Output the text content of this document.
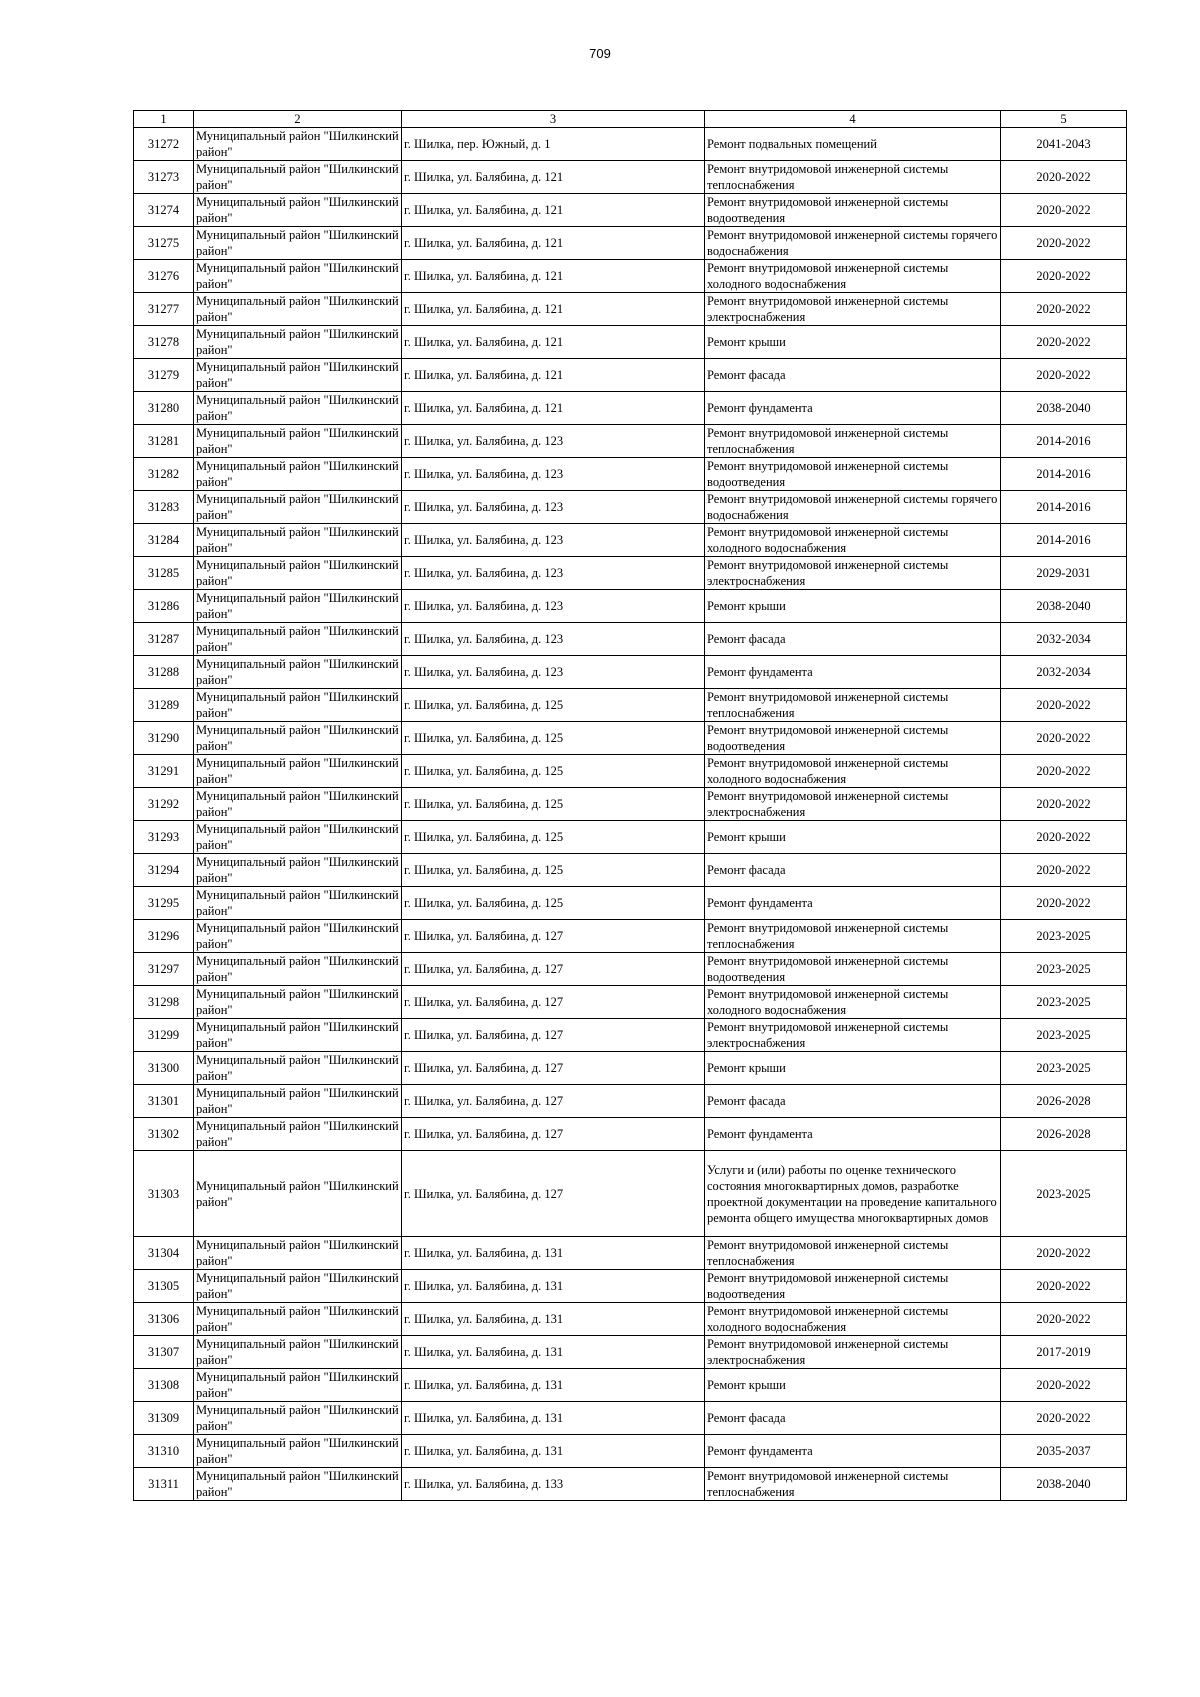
709
1	2	3	4	5
31272	Муниципальный район "Шилкинский район"	г. Шилка, пер. Южный, д. 1	Ремонт подвальных помещений	2041-2043
31273	Муниципальный район "Шилкинский район"	г. Шилка, ул. Балябина, д. 121	Ремонт внутридомовой инженерной системы теплоснабжения	2020-2022
31274	Муниципальный район "Шилкинский район"	г. Шилка, ул. Балябина, д. 121	Ремонт внутридомовой инженерной системы водоотведения	2020-2022
31275	Муниципальный район "Шилкинский район"	г. Шилка, ул. Балябина, д. 121	Ремонт внутридомовой инженерной системы горячего водоснабжения	2020-2022
31276	Муниципальный район "Шилкинский район"	г. Шилка, ул. Балябина, д. 121	Ремонт внутридомовой инженерной системы холодного водоснабжения	2020-2022
31277	Муниципальный район "Шилкинский район"	г. Шилка, ул. Балябина, д. 121	Ремонт внутридомовой инженерной системы электроснабжения	2020-2022
31278	Муниципальный район "Шилкинский район"	г. Шилка, ул. Балябина, д. 121	Ремонт крыши	2020-2022
31279	Муниципальный район "Шилкинский район"	г. Шилка, ул. Балябина, д. 121	Ремонт фасада	2020-2022
31280	Муниципальный район "Шилкинский район"	г. Шилка, ул. Балябина, д. 121	Ремонт фундамента	2038-2040
31281	Муниципальный район "Шилкинский район"	г. Шилка, ул. Балябина, д. 123	Ремонт внутридомовой инженерной системы теплоснабжения	2014-2016
31282	Муниципальный район "Шилкинский район"	г. Шилка, ул. Балябина, д. 123	Ремонт внутридомовой инженерной системы водоотведения	2014-2016
31283	Муниципальный район "Шилкинский район"	г. Шилка, ул. Балябина, д. 123	Ремонт внутридомовой инженерной системы горячего водоснабжения	2014-2016
31284	Муниципальный район "Шилкинский район"	г. Шилка, ул. Балябина, д. 123	Ремонт внутридомовой инженерной системы холодного водоснабжения	2014-2016
31285	Муниципальный район "Шилкинский район"	г. Шилка, ул. Балябина, д. 123	Ремонт внутридомовой инженерной системы электроснабжения	2029-2031
31286	Муниципальный район "Шилкинский район"	г. Шилка, ул. Балябина, д. 123	Ремонт крыши	2038-2040
31287	Муниципальный район "Шилкинский район"	г. Шилка, ул. Балябина, д. 123	Ремонт фасада	2032-2034
31288	Муниципальный район "Шилкинский район"	г. Шилка, ул. Балябина, д. 123	Ремонт фундамента	2032-2034
31289	Муниципальный район "Шилкинский район"	г. Шилка, ул. Балябина, д. 125	Ремонт внутридомовой инженерной системы теплоснабжения	2020-2022
31290	Муниципальный район "Шилкинский район"	г. Шилка, ул. Балябина, д. 125	Ремонт внутридомовой инженерной системы водоотведения	2020-2022
31291	Муниципальный район "Шилкинский район"	г. Шилка, ул. Балябина, д. 125	Ремонт внутридомовой инженерной системы холодного водоснабжения	2020-2022
31292	Муниципальный район "Шилкинский район"	г. Шилка, ул. Балябина, д. 125	Ремонт внутридомовой инженерной системы электроснабжения	2020-2022
31293	Муниципальный район "Шилкинский район"	г. Шилка, ул. Балябина, д. 125	Ремонт крыши	2020-2022
31294	Муниципальный район "Шилкинский район"	г. Шилка, ул. Балябина, д. 125	Ремонт фасада	2020-2022
31295	Муниципальный район "Шилкинский район"	г. Шилка, ул. Балябина, д. 125	Ремонт фундамента	2020-2022
31296	Муниципальный район "Шилкинский район"	г. Шилка, ул. Балябина, д. 127	Ремонт внутридомовой инженерной системы теплоснабжения	2023-2025
31297	Муниципальный район "Шилкинский район"	г. Шилка, ул. Балябина, д. 127	Ремонт внутридомовой инженерной системы водоотведения	2023-2025
31298	Муниципальный район "Шилкинский район"	г. Шилка, ул. Балябина, д. 127	Ремонт внутридомовой инженерной системы холодного водоснабжения	2023-2025
31299	Муниципальный район "Шилкинский район"	г. Шилка, ул. Балябина, д. 127	Ремонт внутридомовой инженерной системы электроснабжения	2023-2025
31300	Муниципальный район "Шилкинский район"	г. Шилка, ул. Балябина, д. 127	Ремонт крыши	2023-2025
31301	Муниципальный район "Шилкинский район"	г. Шилка, ул. Балябина, д. 127	Ремонт фасада	2026-2028
31302	Муниципальный район "Шилкинский район"	г. Шилка, ул. Балябина, д. 127	Ремонт фундамента	2026-2028
31303	Муниципальный район "Шилкинский район"	г. Шилка, ул. Балябина, д. 127	Услуги и (или) работы по оценке технического состояния многоквартирных домов, разработке проектной документации на проведение капитального ремонта общего имущества многоквартирных домов	2023-2025
31304	Муниципальный район "Шилкинский район"	г. Шилка, ул. Балябина, д. 131	Ремонт внутридомовой инженерной системы теплоснабжения	2020-2022
31305	Муниципальный район "Шилкинский район"	г. Шилка, ул. Балябина, д. 131	Ремонт внутридомовой инженерной системы водоотведения	2020-2022
31306	Муниципальный район "Шилкинский район"	г. Шилка, ул. Балябина, д. 131	Ремонт внутридомовой инженерной системы холодного водоснабжения	2020-2022
31307	Муниципальный район "Шилкинский район"	г. Шилка, ул. Балябина, д. 131	Ремонт внутридомовой инженерной системы электроснабжения	2017-2019
31308	Муниципальный район "Шилкинский район"	г. Шилка, ул. Балябина, д. 131	Ремонт крыши	2020-2022
31309	Муниципальный район "Шилкинский район"	г. Шилка, ул. Балябина, д. 131	Ремонт фасада	2020-2022
31310	Муниципальный район "Шилкинский район"	г. Шилка, ул. Балябина, д. 131	Ремонт фундамента	2035-2037
31311	Муниципальный район "Шилкинский район"	г. Шилка, ул. Балябина, д. 133	Ремонт внутридомовой инженерной системы теплоснабжения	2038-2040
